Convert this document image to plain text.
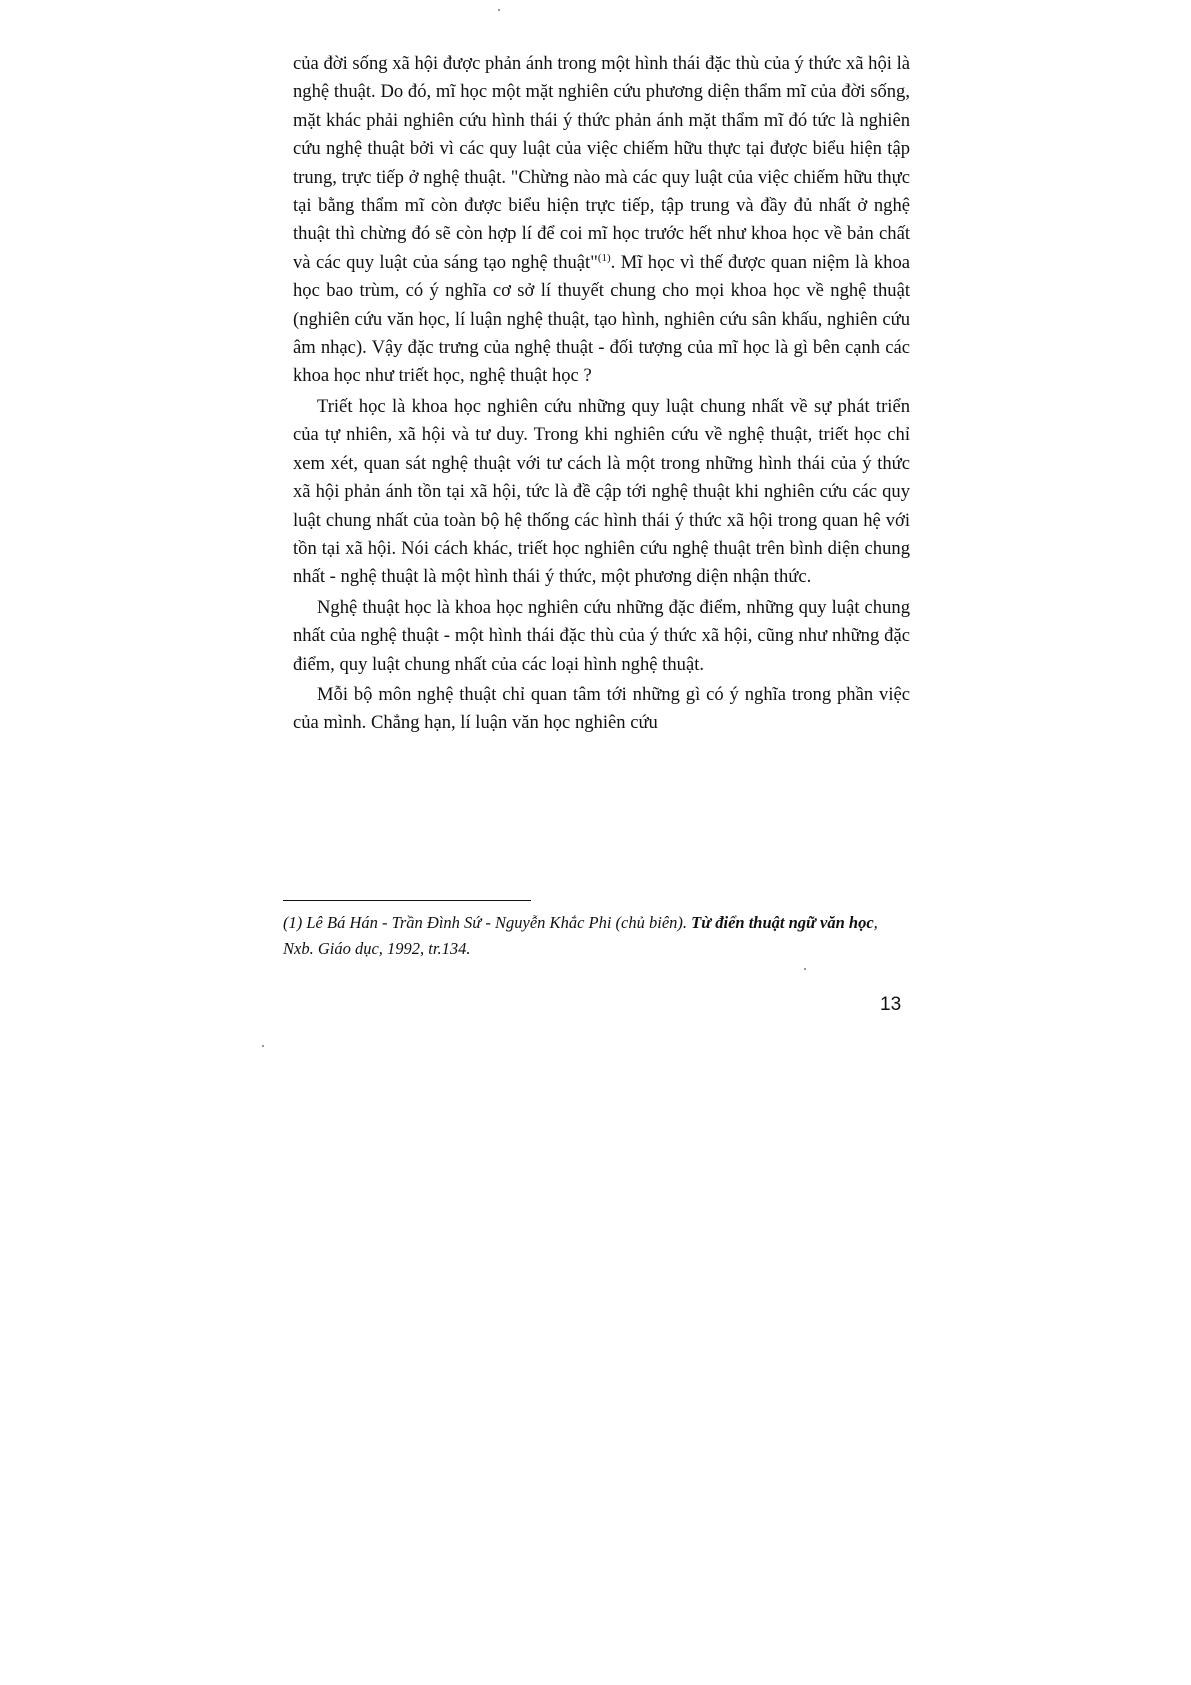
của đời sống xã hội được phản ánh trong một hình thái đặc thù của ý thức xã hội là nghệ thuật. Do đó, mĩ học một mặt nghiên cứu phương diện thẩm mĩ của đời sống, mặt khác phải nghiên cứu hình thái ý thức phản ánh mặt thẩm mĩ đó tức là nghiên cứu nghệ thuật bởi vì các quy luật của việc chiếm hữu thực tại được biểu hiện tập trung, trực tiếp ở nghệ thuật. "Chừng nào mà các quy luật của việc chiếm hữu thực tại bằng thẩm mĩ còn được biểu hiện trực tiếp, tập trung và đầy đủ nhất ở nghệ thuật thì chừng đó sẽ còn hợp lí để coi mĩ học trước hết như khoa học về bản chất và các quy luật của sáng tạo nghệ thuật"$^{(1)}$. Mĩ học vì thế được quan niệm là khoa học bao trùm, có ý nghĩa cơ sở lí thuyết chung cho mọi khoa học về nghệ thuật (nghiên cứu văn học, lí luận nghệ thuật, tạo hình, nghiên cứu sân khấu, nghiên cứu âm nhạc). Vậy đặc trưng của nghệ thuật - đối tượng của mĩ học là gì bên cạnh các khoa học như triết học, nghệ thuật học ?

Triết học là khoa học nghiên cứu những quy luật chung nhất về sự phát triển của tự nhiên, xã hội và tư duy. Trong khi nghiên cứu về nghệ thuật, triết học chỉ xem xét, quan sát nghệ thuật với tư cách là một trong những hình thái của ý thức xã hội phản ánh tồn tại xã hội, tức là đề cập tới nghệ thuật khi nghiên cứu các quy luật chung nhất của toàn bộ hệ thống các hình thái ý thức xã hội trong quan hệ với tồn tại xã hội. Nói cách khác, triết học nghiên cứu nghệ thuật trên bình diện chung nhất - nghệ thuật là một hình thái ý thức, một phương diện nhận thức.

Nghệ thuật học là khoa học nghiên cứu những đặc điểm, những quy luật chung nhất của nghệ thuật - một hình thái đặc thù của ý thức xã hội, cũng như những đặc điểm, quy luật chung nhất của các loại hình nghệ thuật.

Mỗi bộ môn nghệ thuật chỉ quan tâm tới những gì có ý nghĩa trong phần việc của mình. Chẳng hạn, lí luận văn học nghiên cứu

(1) Lê Bá Hán - Trần Đình Sứ - Nguyễn Khắc Phi (chủ biên). Từ điển thuật ngữ văn học, Nxb. Giáo dục, 1992, tr.134.
13
